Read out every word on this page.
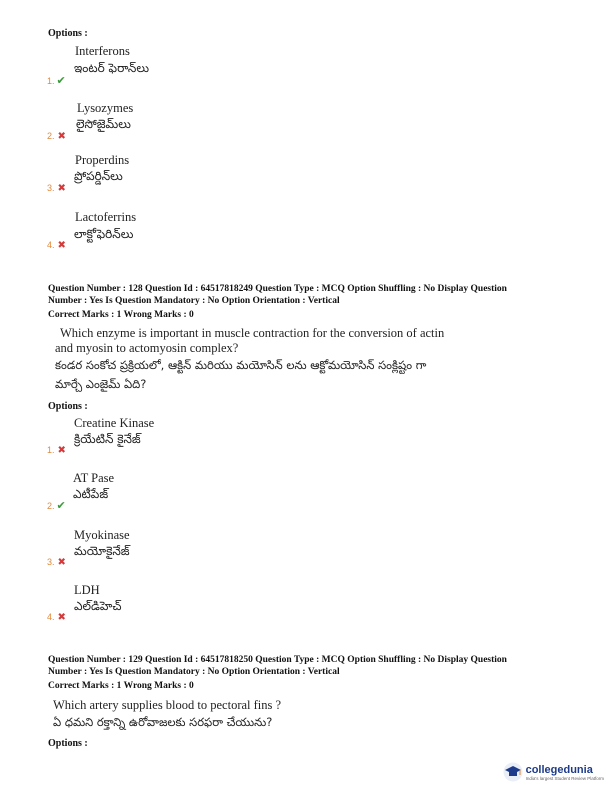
Options :
Interferons
ఇంటర్ ఫెరాన్‌లు
1. ✔
Lysozymes
లైసోజైమ్‌లు
2. ✖
Properdins
ప్రోపర్డిన్‌లు
3. ✖
Lactoferrins
లాక్టోఫెరిన్‌లు
4. ✖
Question Number : 128 Question Id : 64517818249 Question Type : MCQ Option Shuffling : No Display Question
Number : Yes Is Question Mandatory : No Option Orientation : Vertical
Correct Marks : 1 Wrong Marks : 0
Which enzyme is important in muscle contraction for the conversion of actin
and myosin to actomyosin complex?
కండర సంకోచ ప్రక్రియలో, ఆక్టిన్ మరియు మయోసిన్ లను ఆక్టోమయోసిన్ సంక్లిష్టం గా
మార్చే ఎంజైమ్ ఏది?
Options :
Creatine Kinase
క్రియేటిన్ కైనేజ్
1. ✖
AT Pase
ఎటీపేజ్
2. ✔
Myokinase
మయోకైనేజ్
3. ✖
LDH
ఎల్‌డిహెచ్
4. ✖
Question Number : 129 Question Id : 64517818250 Question Type : MCQ Option Shuffling : No Display Question
Number : Yes Is Question Mandatory : No Option Orientation : Vertical
Correct Marks : 1 Wrong Marks : 0
Which artery supplies blood to pectoral fins ?
ఏ ధమని రక్తాన్ని ఉరోవాజలకు సరఫరా చేయును?
Options :
collegedunia
India's largest Student Review Platform
